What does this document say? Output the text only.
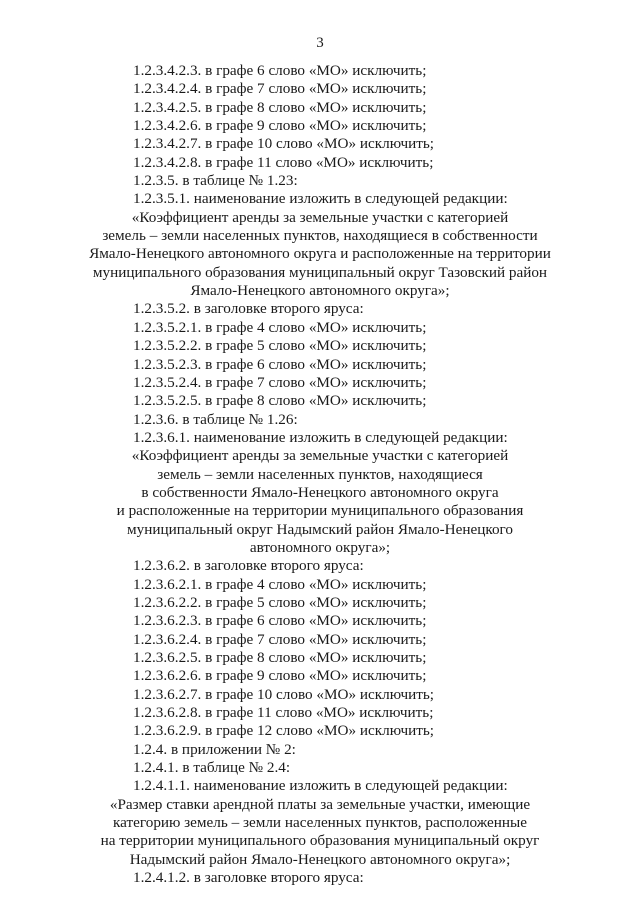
3
1.2.3.4.2.3. в графе 6 слово «МО» исключить;
1.2.3.4.2.4. в графе 7 слово «МО» исключить;
1.2.3.4.2.5. в графе 8 слово «МО» исключить;
1.2.3.4.2.6. в графе 9 слово «МО» исключить;
1.2.3.4.2.7. в графе 10 слово «МО» исключить;
1.2.3.4.2.8. в графе 11 слово «МО» исключить;
1.2.3.5. в таблице № 1.23:
1.2.3.5.1. наименование изложить в следующей редакции:
«Коэффициент аренды за земельные участки с категорией
земель – земли населенных пунктов, находящиеся в собственности
Ямало-Ненецкого автономного округа и расположенные на территории
муниципального образования муниципальный округ Тазовский район
Ямало-Ненецкого автономного округа»;
1.2.3.5.2. в заголовке второго яруса:
1.2.3.5.2.1. в графе 4 слово «МО» исключить;
1.2.3.5.2.2. в графе 5 слово «МО» исключить;
1.2.3.5.2.3. в графе 6 слово «МО» исключить;
1.2.3.5.2.4. в графе 7 слово «МО» исключить;
1.2.3.5.2.5. в графе 8 слово «МО» исключить;
1.2.3.6. в таблице № 1.26:
1.2.3.6.1. наименование изложить в следующей редакции:
«Коэффициент аренды за земельные участки с категорией
земель – земли населенных пунктов, находящиеся
в собственности Ямало-Ненецкого автономного округа
и расположенные на территории муниципального образования
муниципальный округ Надымский район Ямало-Ненецкого
автономного округа»;
1.2.3.6.2. в заголовке второго яруса:
1.2.3.6.2.1. в графе 4 слово «МО» исключить;
1.2.3.6.2.2. в графе 5 слово «МО» исключить;
1.2.3.6.2.3. в графе 6 слово «МО» исключить;
1.2.3.6.2.4. в графе 7 слово «МО» исключить;
1.2.3.6.2.5. в графе 8 слово «МО» исключить;
1.2.3.6.2.6. в графе 9 слово «МО» исключить;
1.2.3.6.2.7. в графе 10 слово «МО» исключить;
1.2.3.6.2.8. в графе 11 слово «МО» исключить;
1.2.3.6.2.9. в графе 12 слово «МО» исключить;
1.2.4. в приложении № 2:
1.2.4.1. в таблице № 2.4:
1.2.4.1.1. наименование изложить в следующей редакции:
«Размер ставки арендной платы за земельные участки, имеющие
категорию земель – земли населенных пунктов, расположенные
на территории муниципального образования муниципальный округ
Надымский район Ямало-Ненецкого автономного округа»;
1.2.4.1.2. в заголовке второго яруса:
